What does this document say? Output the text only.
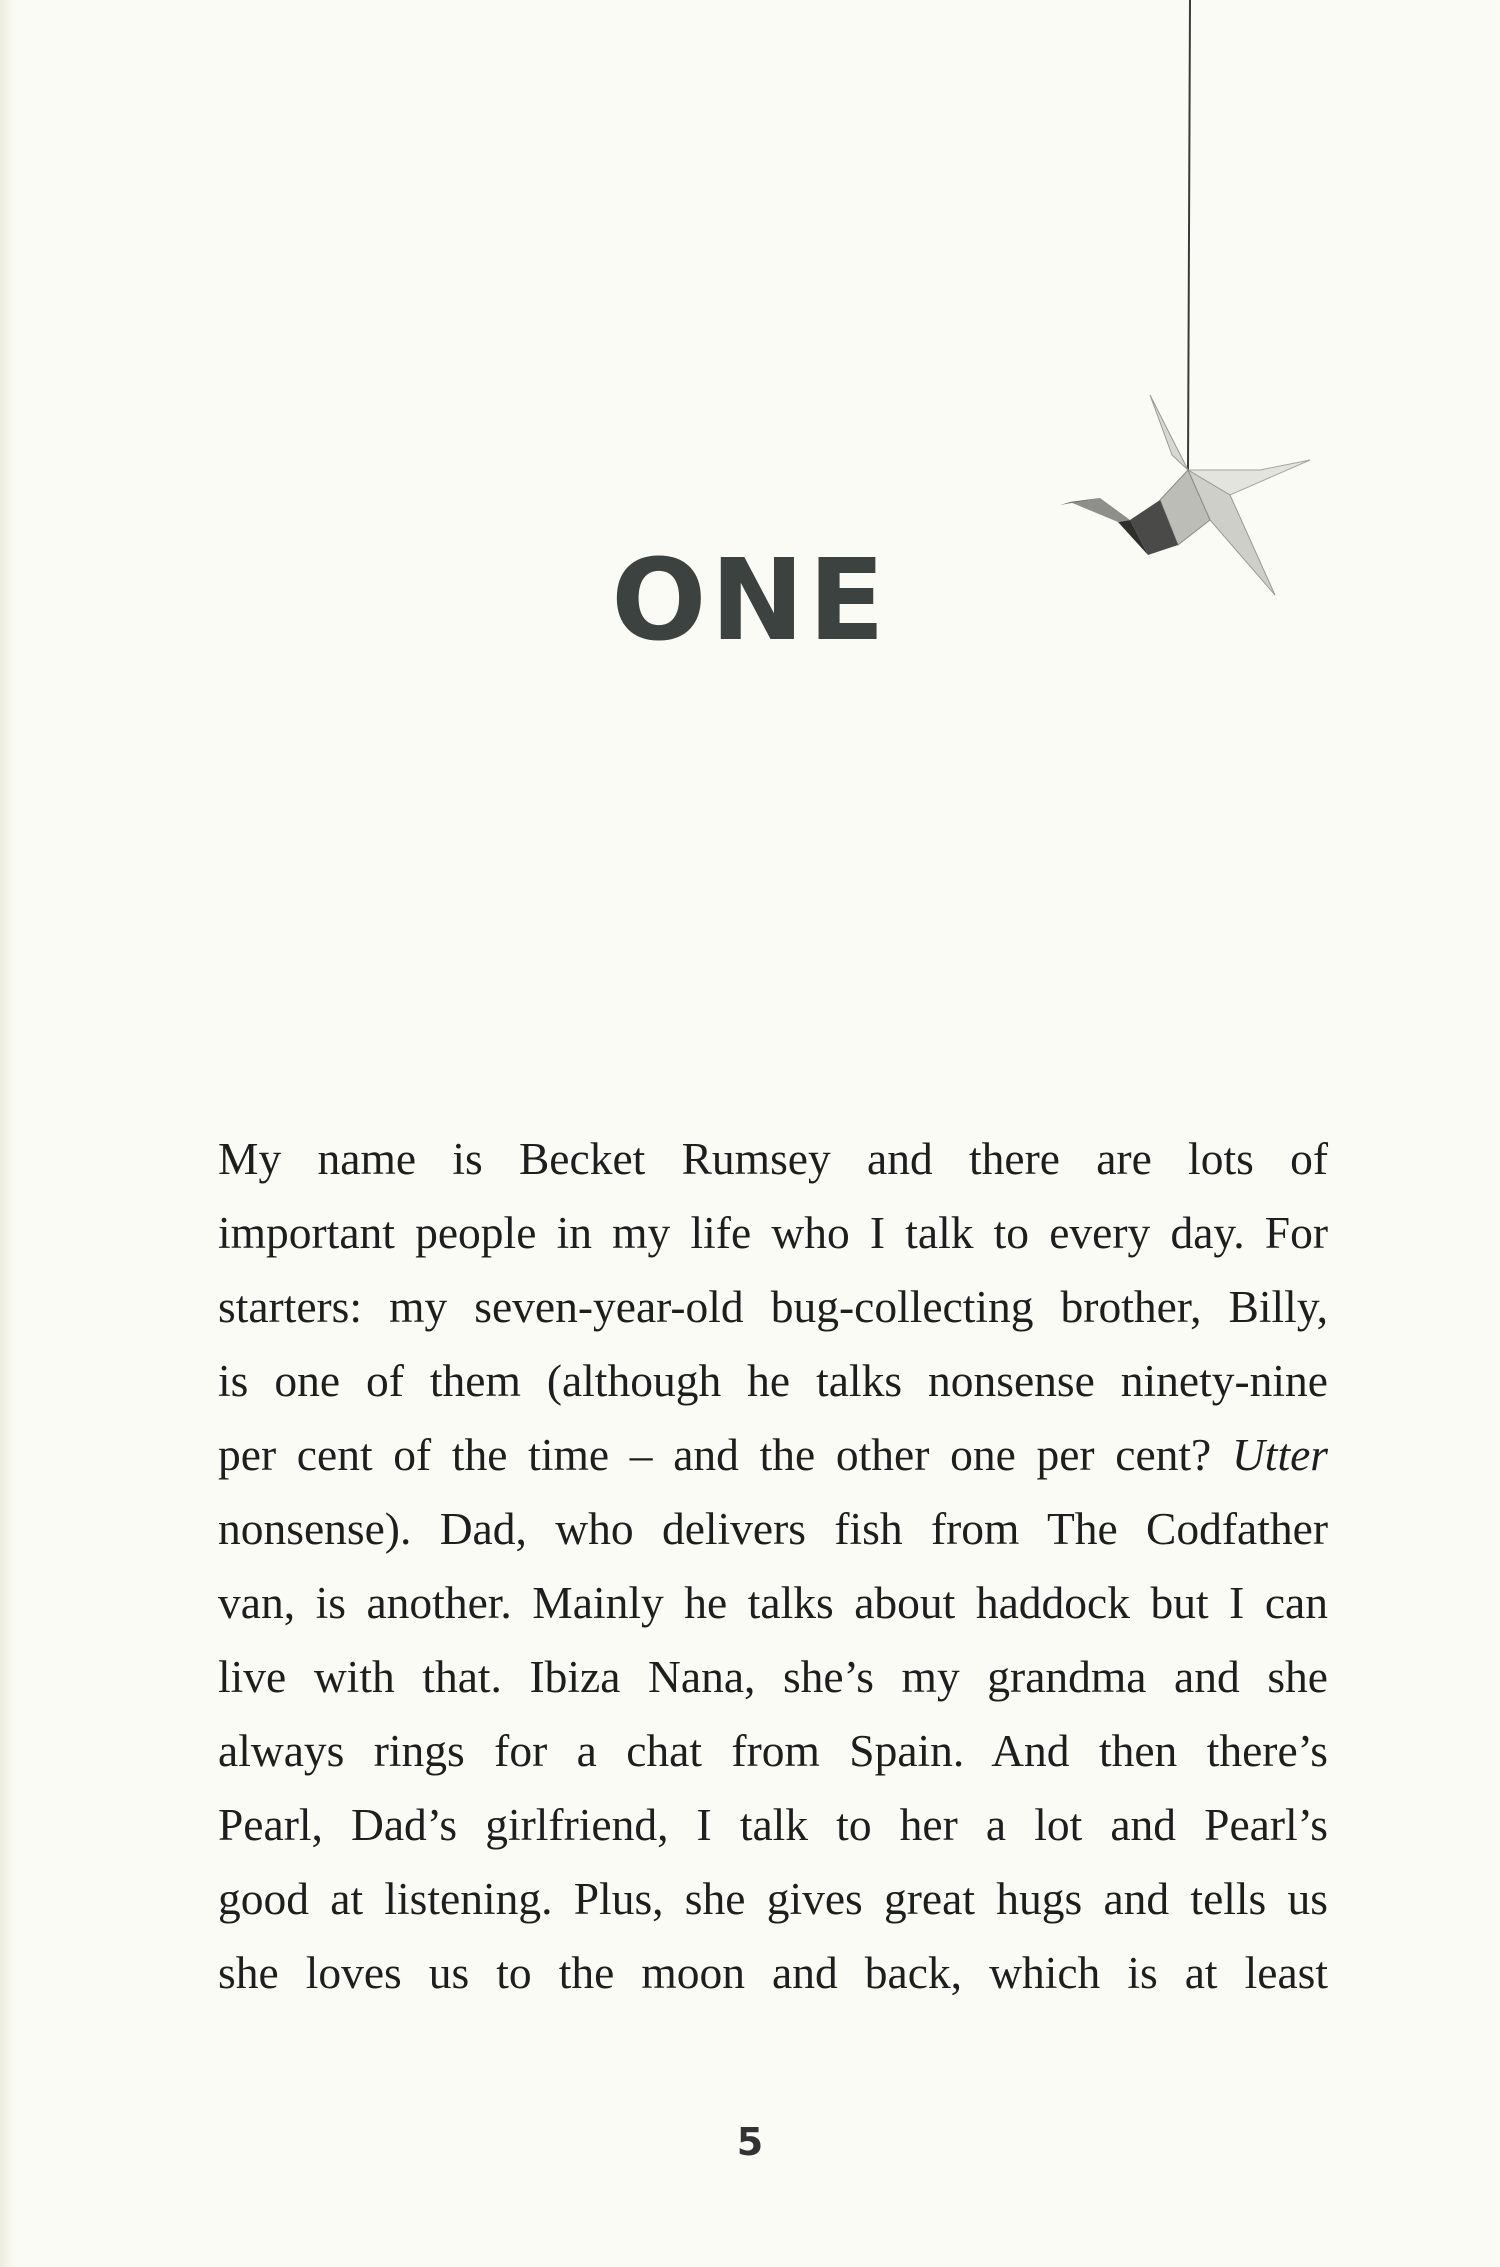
ONE
My name is Becket Rumsey and there are lots of
important people in my life who I talk to every day. For
starters: my seven-year-old bug-collecting brother, Billy,
is one of them (although he talks nonsense ninety-nine
per cent of the time – and the other one per cent? Utter
nonsense). Dad, who delivers fish from The Codfather
van, is another. Mainly he talks about haddock but I can
live with that. Ibiza Nana, she’s my grandma and she
always rings for a chat from Spain. And then there’s
Pearl, Dad’s girlfriend, I talk to her a lot and Pearl’s
good at listening. Plus, she gives great hugs and tells us
she loves us to the moon and back, which is at least
5
